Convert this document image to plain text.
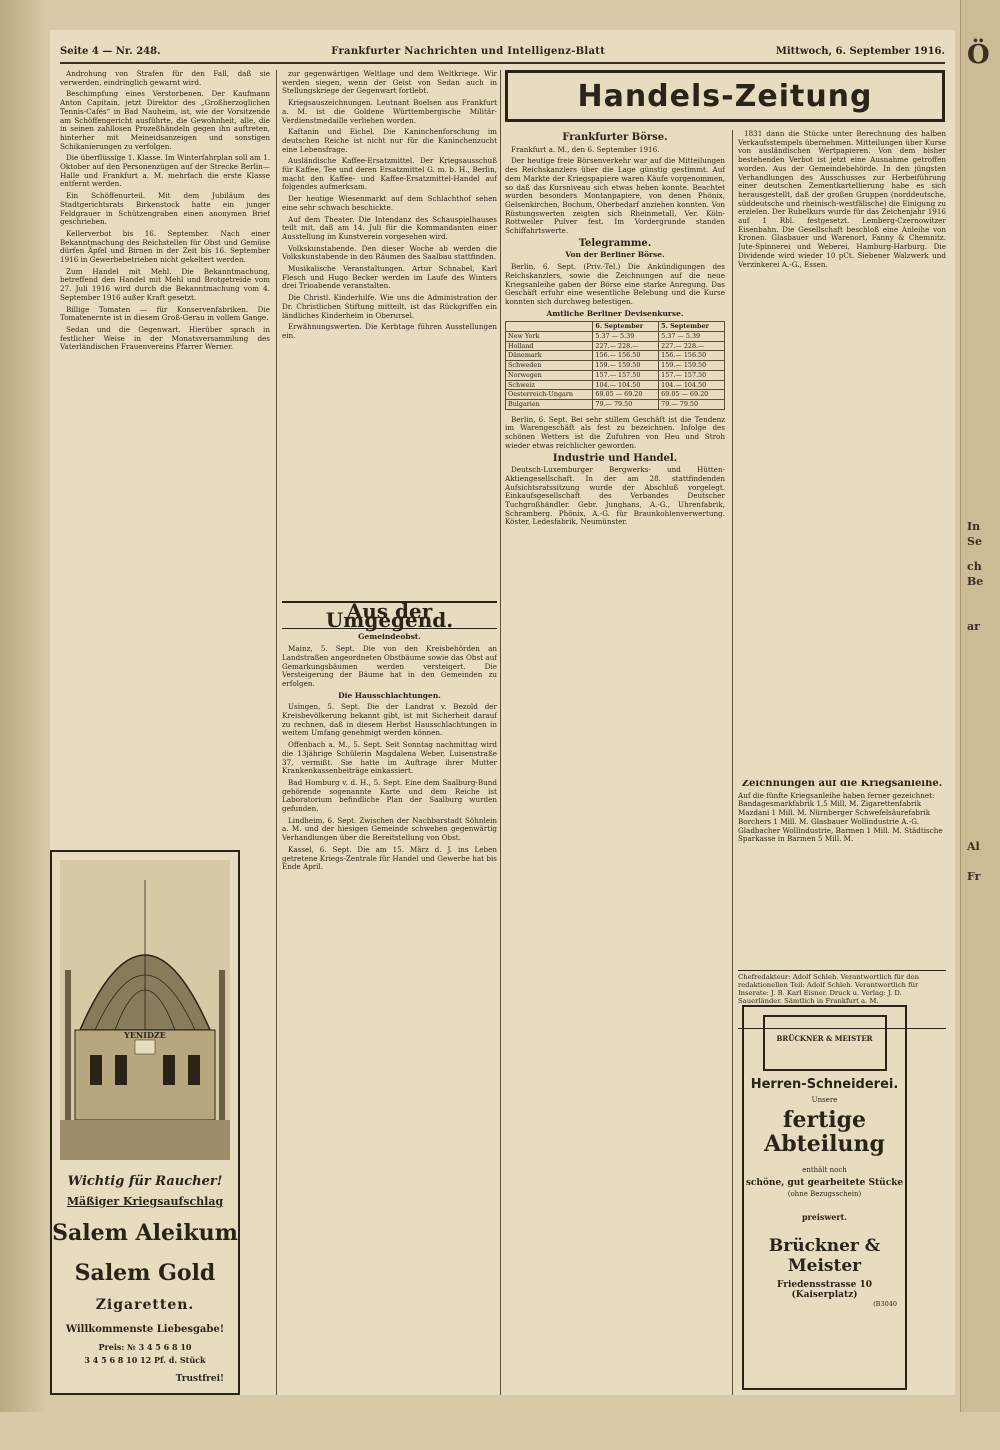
Seite 4 — Nr. 248.	Frankfurter Nachrichten und Intelligenz-Blatt	Mittwoch, 6. September 1916.

Androhung von Strafen für den Fall, daß sie verwerden, eindringlich gewarnt wird.

Beschimpfung eines Verstorbenen. Der Kaufmann Anton Capitain, jetzt Direktor des „Großherzoglichen Tennis-Cafés“ in Bad Nauheim, ist, wie der Vorsitzende am Schöffengericht ausführte, die Gewohnheit, alle, die in seinen zahllosen Prozeßhändeln gegen ihn auftreten, hinterher mit Meineidsanzeigen und sonstigen Schikanierungen zu verfolgen.

Die überflüssige 1. Klasse. Im Winterfahrplan soll am 1. Oktober auf den Personenzügen auf der Strecke Berlin—Halle und Frankfurt a. M. mehrfach die erste Klasse entfernt werden.

Ein Schöffenurteil. Mit dem Jubiläum des Stadtgerichtsrats Birkenstock hatte ein junger Feldgrauer in Schützengraben einen anonymen Brief geschrieben.

Kellerverbot bis 16. September. Nach einer Bekanntmachung des Reichstellen für Obst und Gemüse dürfen Äpfel und Birnen in der Zeit bis 16. September 1916 in Gewerbebetrieben nicht gekeltert werden.

Zum Handel mit Mehl. Die Bekanntmachung, betreffend den Handel mit Mehl und Brotgetreide vom 27. Juli 1916 wird durch die Bekanntmachung vom 4. September 1916 außer Kraft gesetzt.

Billige Tomaten — für Konservenfabriken. Die Tomatenernte ist in diesem Groß-Gerau in vollem Gange.

Sedan und die Gegenwart. Hierüber sprach in festlicher Weise in der Monatsversammlung des Vaterländischen Frauenvereins Pfarrer Werner.

zur gegenwärtigen Weltlage und dem Weltkriege. Wir werden siegen, wenn der Geist von Sedan auch in Stellungskriege der Gegenwart fortlebt.

Kriegsauszeichnungen. Leutnant Boelsen aus Frankfurt a. M. ist die Goldene Württembergische Militär-Verdienstmedaille verliehen worden.

Kaftanin und Eichel. Die Kaninchenforschung im deutschen Reiche ist nicht nur für die Kaninchenzucht eine Lebensfrage.

Ausländische Kaffee-Ersatzmittel. Der Kriegsausschuß für Kaffee, Tee und deren Ersatzmittel G. m. b. H., Berlin, macht den Kaffee- und Kaffee-Ersatzmittel-Handel auf folgendes aufmerksam.

Der heutige Wiesenmarkt auf dem Schlachthof sehen eine sehr schwach beschickte.

Auf dem Theater. Die Intendanz des Schauspielhauses teilt mit, daß am 14. Juli für die Kommandanten einer Ausstellung im Kunstverein vorgesehen wird.

Volkskunstabende. Den dieser Woche ab werden die Volkskunstabende in den Räumen des Saalbau stattfinden.

Musikalische Veranstaltungen. Artur Schnabel, Karl Flesch und Hugo Becker werden im Laufe des Winters drei Trioabende veranstalten.

Die Christl. Kinderhilfe. Wie uns die Administration der Dr. Christlichen Stiftung mitteilt, ist das Rückgriffen ein ländliches Kinderheim in Oberursel.

Erwähnungswerten. Die Kerbtage führen Ausstellungen ein.

Aus der Umgegend.
Gemeindeobst.

Mainz, 5. Sept. Die von den Kreisbehörden an Landstraßen angeordneten Obstbäume sowie das Obst auf Gemarkungsbäumen werden versteigert. Die Versteigerung der Bäume hat in den Gemeinden zu erfolgen.

Die Hausschlachtungen.

Usingen, 5. Sept. Die der Landrat v. Bezold der Kreisbevölkerung bekannt gibt, ist mit Sicherheit darauf zu rechnen, daß in diesem Herbst Hausschlachtungen in weitem Umfang genehmigt werden können.

Offenbach a. M., 5. Sept. Seit Sonntag nachmittag wird die 13jährige Schülerin Magdalena Weber, Luisenstraße 37, vermißt. Sie hatte im Auftrage ihrer Mutter Krankenkassenbeiträge einkassiert.

Bad Homburg v. d. H., 5. Sept. Eine dem Saalburg-Bund gehörende sogenannte Karte und dem Reiche ist Laboratorium befindliche Plan der Saalburg wurden gefunden.

Lindheim, 6. Sept. Zwischen der Nachbarstadt Söhnlein a. M. und der hiesigen Gemeinde schweben gegenwärtig Verhandlungen über die Bereitstellung von Obst.

Kassel, 6. Sept. Die am 15. März d. J. ins Leben getretene Kriegs-Zentrale für Handel und Gewerbe hat bis Ende April.

Handels-Zeitung
Frankfurter Börse.

Frankfurt a. M., den 6. September 1916.

Der heutige freie Börsenverkehr war auf die Mitteilungen des Reichskanzlers über die Lage günstig gestimmt. Auf dem Markte der Kriegspapiere waren Käufe vorgenommen, so daß das Kursniveau sich etwas heben konnte. Beachtet wurden besonders Montanpapiere, von denen Phönix, Gelsenkirchen, Bochum, Oberbedarf anziehen konnten. Von Rüstungswerten zeigten sich Rheinmetall, Ver. Köln-Rottweiler Pulver fest. Im Vordergrunde standen Schiffahrtswerte.

Telegramme.
Von der Berliner Börse.

Berlin, 6. Sept. (Priv.-Tel.) Die Ankündigungen des Reichskanzlers, sowie die Zeichnungen auf die neue Kriegsanleihe gaben der Börse eine starke Anregung. Das Geschäft erfuhr eine wesentliche Belebung und die Kurse konnten sich durchweg befestigen.

Amtliche Berliner Devisenkurse.
	6. September	5. September
New York	5.37 — 5.39	5.37 — 5.39
Holland	227.— 228.—	227.— 228.—
Dänemark	156.— 156.50	156.— 156.50
Schweden	159.— 159.50	159.— 159.50
Norwegen	157.— 157.50	157.— 157.50
Schweiz	104.— 104.50	104.— 104.50
Oesterreich-Ungarn	69.05 — 69.20	69.05 — 69.20
Bulgarien	79.— 79.50	79.— 79.50

Berlin, 6. Sept. Bei sehr stillem Geschäft ist die Tendenz im Warengeschäft als fest zu bezeichnen. Infolge des schönen Wetters ist die Zufuhren von Heu und Stroh wieder etwas reichlicher geworden.

Industrie und Handel.

Deutsch-Luxemburger Bergwerks- und Hütten-Aktiengesellschaft. In der am 28. stattfindenden Aufsichtsratssitzung wurde der Abschluß vorgelegt. Einkaufsgesellschaft des Verbandes Deutscher Tuchgroßhändler. Gebr. Junghans, A.-G., Uhrenfabrik, Schramberg. Phönix, A.-G. für Braunkohlenverwertung. Köster, Ledesfabrik, Neumünster.

1831 dann die Stücke unter Berechnung des halben Verkaufsstempels übernehmen. Mitteilungen über Kurse von ausländischen Wertpapieren. Von dem bisher bestehenden Verbot ist jetzt eine Ausnahme getroffen worden. Aus der Gemeindebehörde. In den jüngsten Verhandlungen des Ausschusses zur Herbeiführung einer deutschen Zementkartellierung habe es sich herausgestellt, daß der großen Gruppen (norddeutsche, süddeutsche und rheinisch-westfälische) die Einigung zu erzielen. Der Rubelkurs wurde für das Zeichenjahr 1916 auf 1 Rbl. festgesetzt. Lemberg-Czernowitzer Eisenbahn. Die Gesellschaft beschloß eine Anleihe von Kronen. Glasbauer und Warenort, Fanny & Chemnitz. Jute-Spinnerei und Weberei, Hamburg-Harburg. Die Dividende wird wieder 10 pCt. Siebener Walzwerk und Verzinkerei A.-G., Essen.

Zeichnungen auf die Kriegsanleihe.
Auf die fünfte Kriegsanleihe haben ferner gezeichnet: Bandagesmarkfabrik 1,5 Mill. M. Zigarettenfabrik Mazdani 1 Mill. M. Nürnberger Schwefelsäurefabrik Borchers 1 Mill. M. Glasbauer Wollindustrie A.-G. Gladbacher Wollindustrie, Barmen 1 Mill. M. Städtische Sparkasse in Barmen 5 Mill. M.
Chefredakteur: Adolf Schleh. Verantwortlich für den redaktionellen Teil: Adolf Schleh. Verantwortlich für Inserate: J. B. Karl Eisner. Druck u. Verlag: J. D. Sauerländer. Sämtlich in Frankfurt a. M.
YENIDZE
Wichtig für Raucher!
Mäßiger Kriegsaufschlag
Salem Aleikum
Salem Gold
Zigaretten.
Willkommenste Liebesgabe!
Preis: № 3 4 5 6 8 10
3 4 5 6 8 10 12 Pf. d. Stück
Trustfrei!
BRÜCKNER & MEISTER
Herren-Schneiderei.
Unsere
fertige Abteilung
enthält noch
schöne, gut gearbeitete Stücke
(ohne Bezugsschein)
preiswert.
Brückner & Meister
Friedensstrasse 10 (Kaiserplatz)
(B3040
Ö
In
Se
ch
Be
ar
Al
Fr
